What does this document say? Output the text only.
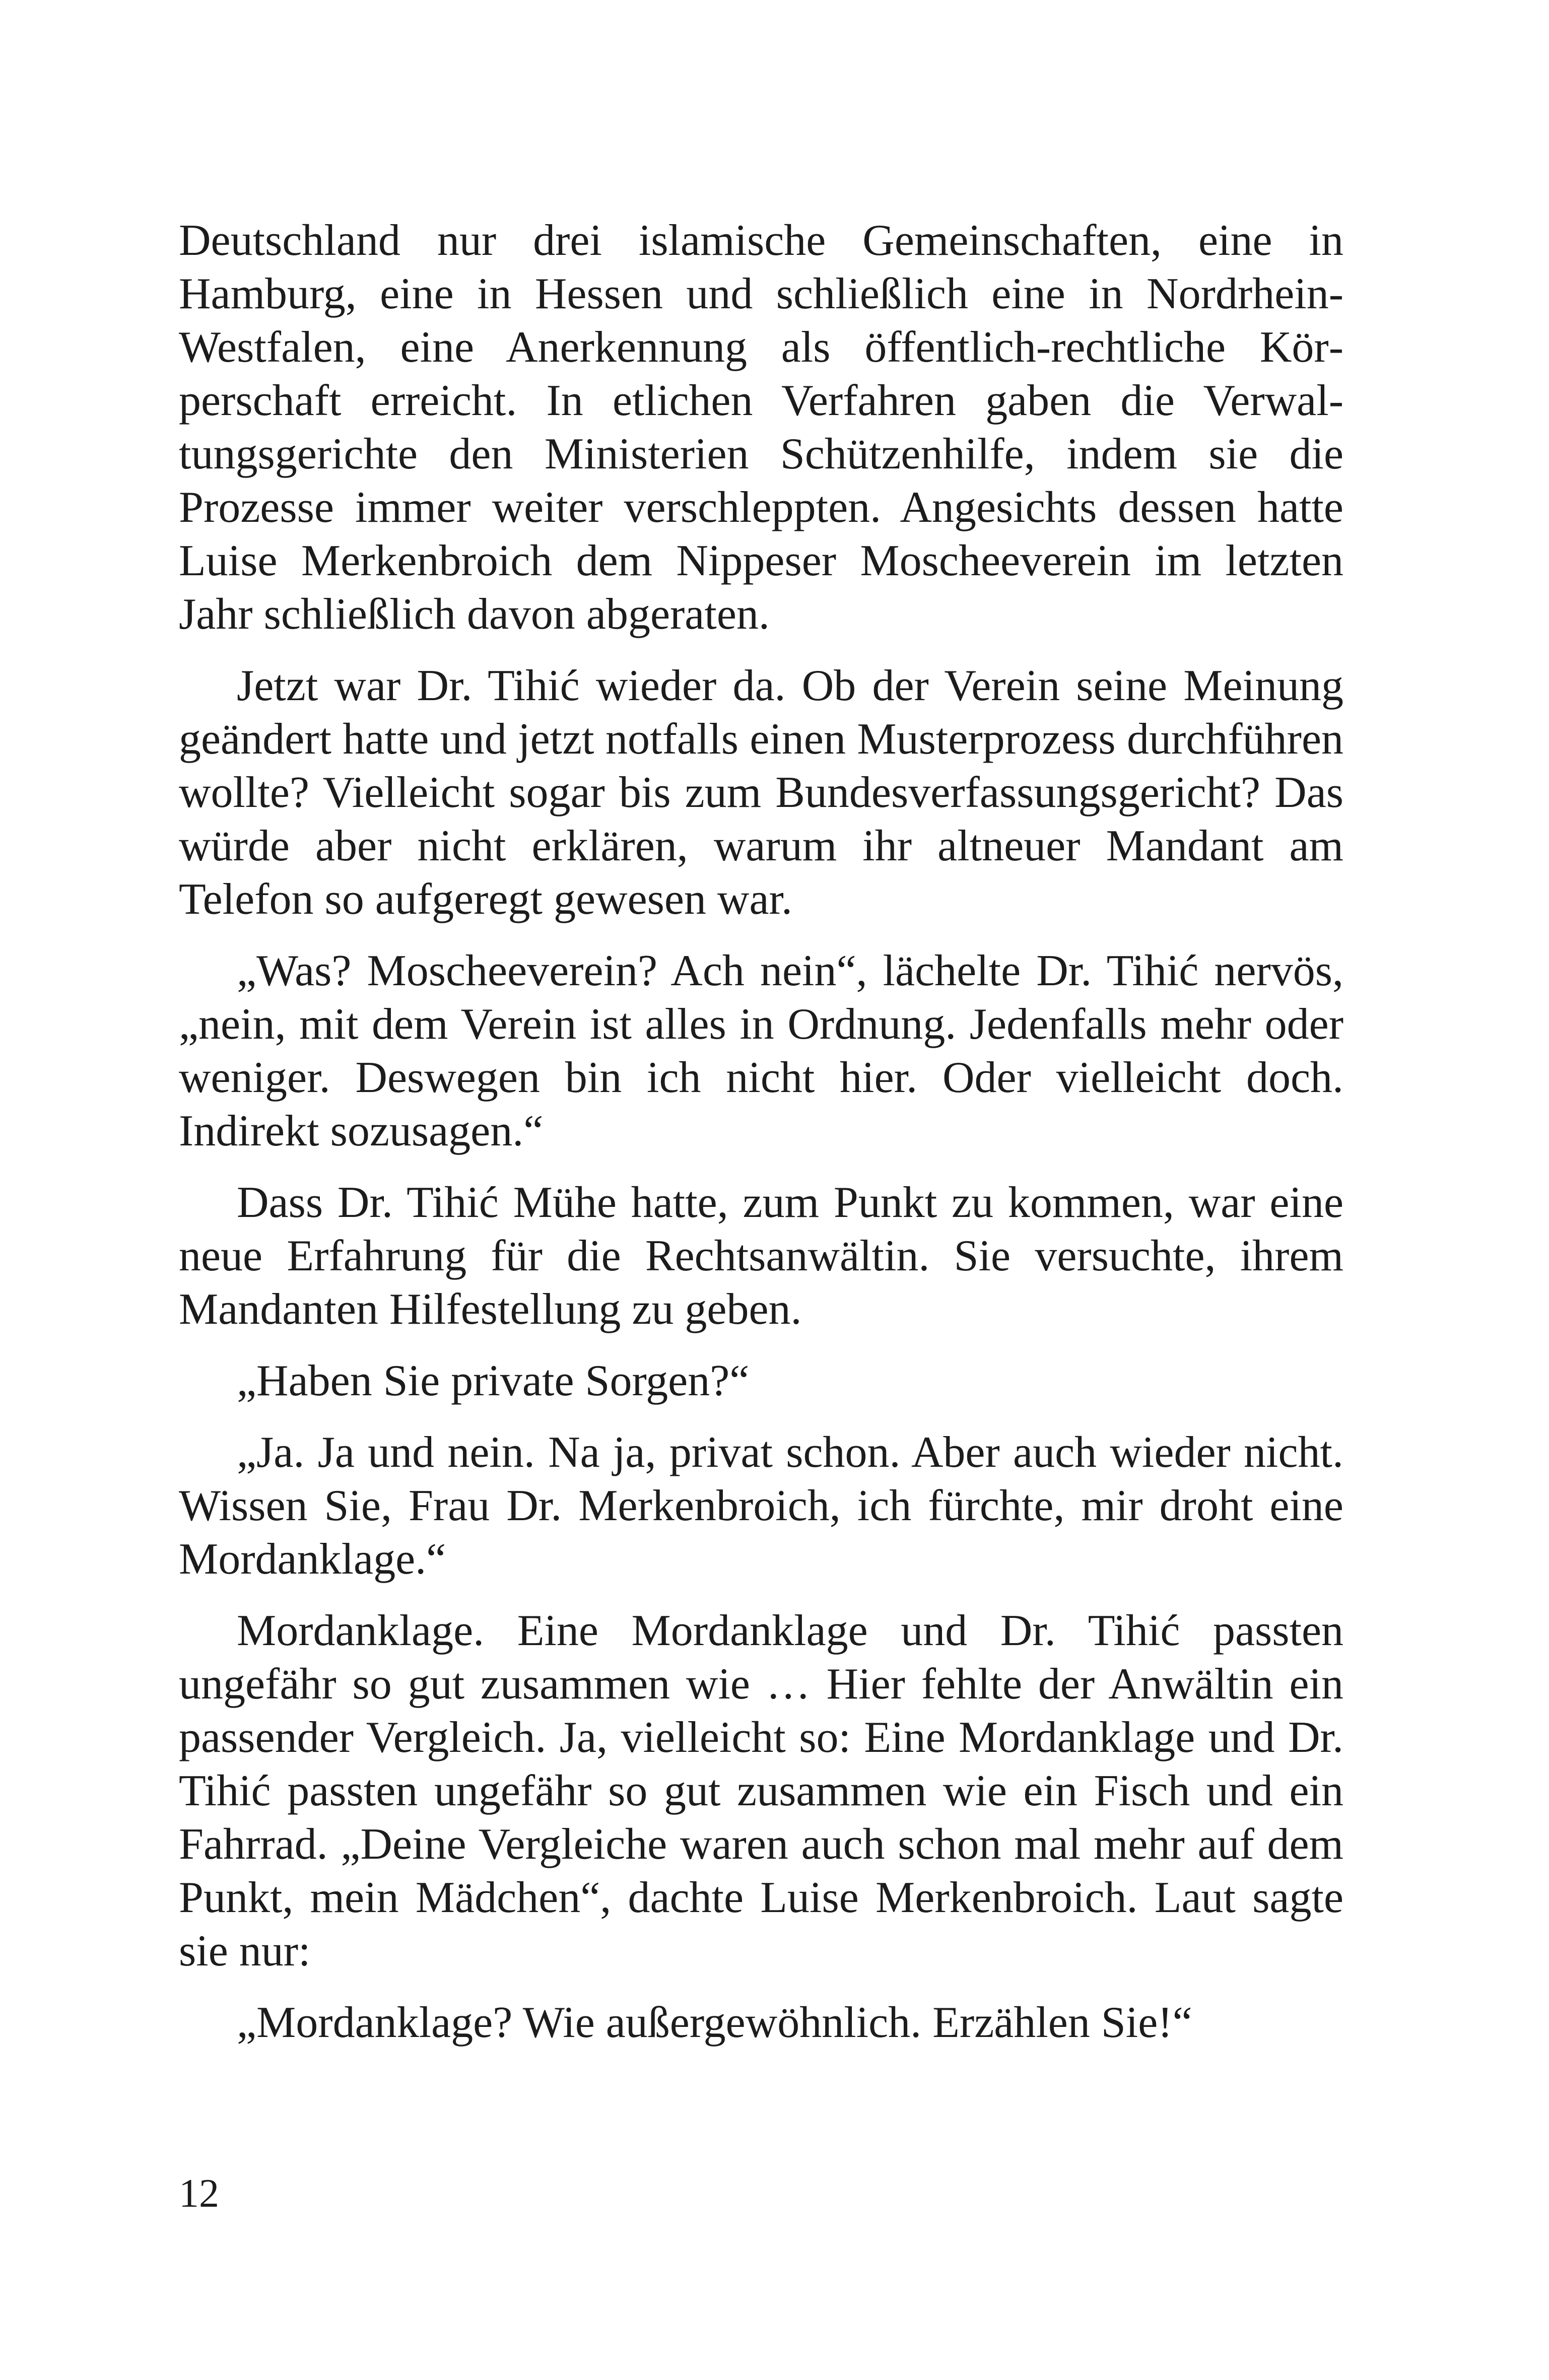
Deutschland nur drei islamische Gemeinschaften, eine in Hamburg, eine in Hessen und schließlich eine in Nordrhein-Westfalen, eine Anerkennung als öffentlich-rechtliche Körperschaft erreicht. In etlichen Verfahren gaben die Verwaltungsgerichte den Ministerien Schützenhilfe, indem sie die Prozesse immer weiter verschleppten. Angesichts dessen hatte Luise Merkenbroich dem Nippeser Moscheeverein im letzten Jahr schließlich davon abgeraten.

Jetzt war Dr. Tihić wieder da. Ob der Verein seine Meinung geändert hatte und jetzt notfalls einen Musterprozess durchführen wollte? Vielleicht sogar bis zum Bundesverfassungsgericht? Das würde aber nicht erklären, warum ihr altneuer Mandant am Telefon so aufgeregt gewesen war.

„Was? Moscheeverein? Ach nein“, lächelte Dr. Tihić nervös, „nein, mit dem Verein ist alles in Ordnung. Jedenfalls mehr oder weniger. Deswegen bin ich nicht hier. Oder vielleicht doch. Indirekt sozusagen.“

Dass Dr. Tihić Mühe hatte, zum Punkt zu kommen, war eine neue Erfahrung für die Rechtsanwältin. Sie versuchte, ihrem Mandanten Hilfestellung zu geben.

„Haben Sie private Sorgen?“

„Ja. Ja und nein. Na ja, privat schon. Aber auch wieder nicht. Wissen Sie, Frau Dr. Merkenbroich, ich fürchte, mir droht eine Mordanklage.“

Mordanklage. Eine Mordanklage und Dr. Tihić passten ungefähr so gut zusammen wie … Hier fehlte der Anwältin ein passender Vergleich. Ja, vielleicht so: Eine Mordanklage und Dr. Tihić passten ungefähr so gut zusammen wie ein Fisch und ein Fahrrad. „Deine Vergleiche waren auch schon mal mehr auf dem Punkt, mein Mädchen“, dachte Luise Merkenbroich. Laut sagte sie nur:

„Mordanklage? Wie außergewöhnlich. Erzählen Sie!“

12
